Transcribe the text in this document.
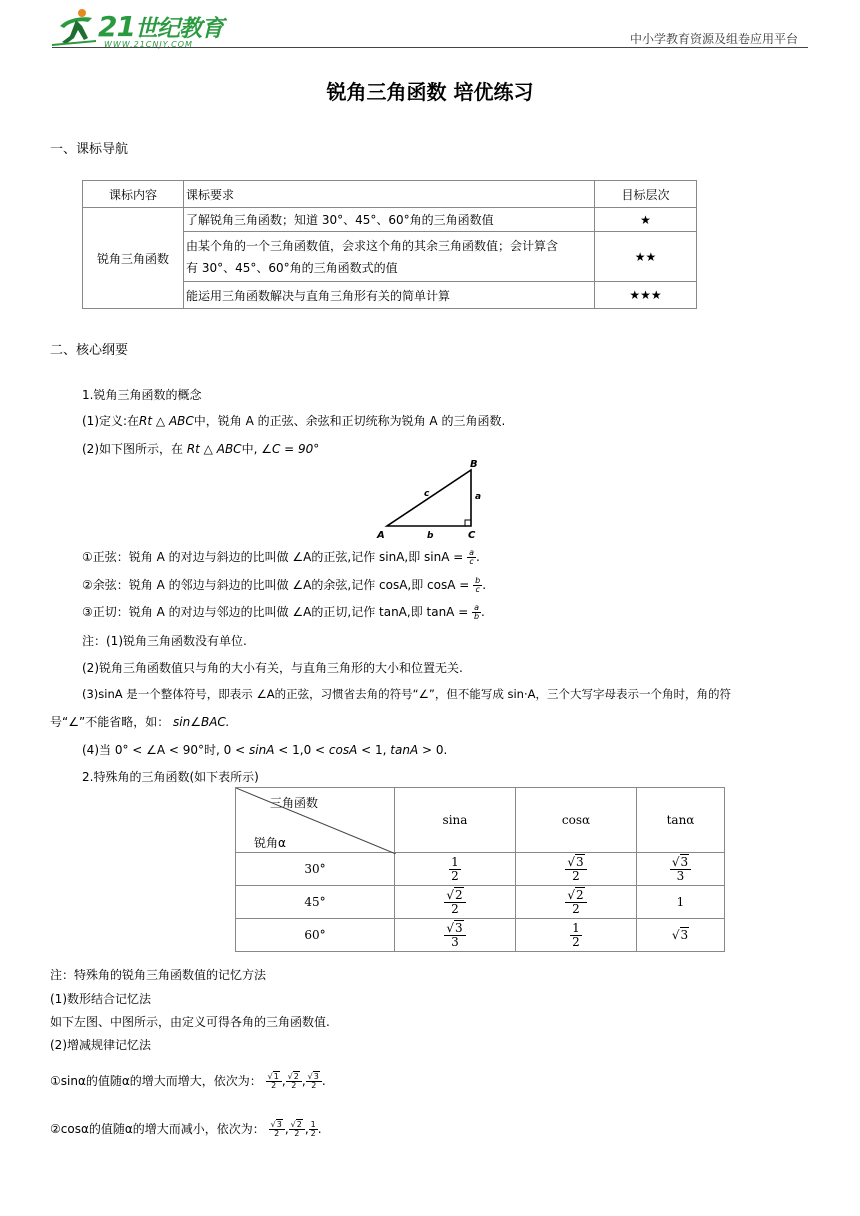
21世纪教育
WWW.21CNJY.COM	中小学教育资源及组卷应用平台
锐角三角函数 培优练习
一、课标导航
课标内容	课标要求	目标层次
锐角三角函数	了解锐角三角函数；知道 30°、45°、60°角的三角函数值	★
	由某个角的一个三角函数值，会求这个角的其余三角函数值；会计算含
有 30°、45°、60°角的三角函数式的值	★★
	能运用三角函数解决与直角三角形有关的简单计算	★★★
二、核心纲要
1.锐角三角函数的概念
(1)定义:在Rt △ ABC中，锐角 A 的正弦、余弦和正切统称为锐角 A 的三角函数.
(2)如下图所示，在 Rt △ ABC中, ∠C = 90°
A	C
B
a
b
c
①正弦：锐角 A 的对边与斜边的比叫做 ∠A的正弦,记作 sinA,即 $\sin A = \frac{a}{c}$ .
②余弦：锐角 A 的邻边与斜边的比叫做 ∠A的余弦,记作 cosA,即 $\cos A = \frac{b}{c}$ .
③正切：锐角 A 的对边与邻边的比叫做 ∠A的正切,记作 tanA,即 $\tan A = \frac{a}{b}$ .
注：(1)锐角三角函数没有单位.
(2)锐角三角函数值只与角的大小有关，与直角三角形的大小和位置无关.
(3)sinA 是一个整体符号，即表示 ∠A的正弦，习惯省去角的符号“∠”，但不能写成 sin·A，三个大写字母表示一个角时，角的符
号“∠”不能省略，如： sin∠BAC.
(4)当 0° < ∠A < 90°时, 0 < sinA < 1,0 < cosA < 1, tanA > 0.
2.特殊角的三角函数(如下表所示)
三角函数
锐角α	sina	cosα	tanα
30°	$\frac{1}{2}$	$\frac{√3}{2}$	$\frac{√3}{3}$

45°	$\frac{√2}{2}$	$\frac{√2}{2}$	1
60°	$\frac{√3}{3}$	$\frac{1}{2}$	√3
注：特殊角的锐角三角函数值的记忆方法
(1)数形结合记忆法
如下左图、中图所示，由定义可得各角的三角函数值.
(2)增减规律记忆法
①sinα的值随α的增大而增大，依次为： $\frac{√1}{2}$ , $\frac{√2}{2}$ , $\frac{√3}{2}$ .
②cosα的值随α的增大而减小，依次为： $\frac{√3}{2}$ , $\frac{√2}{2}$ , $\frac{1}{2}$ .
